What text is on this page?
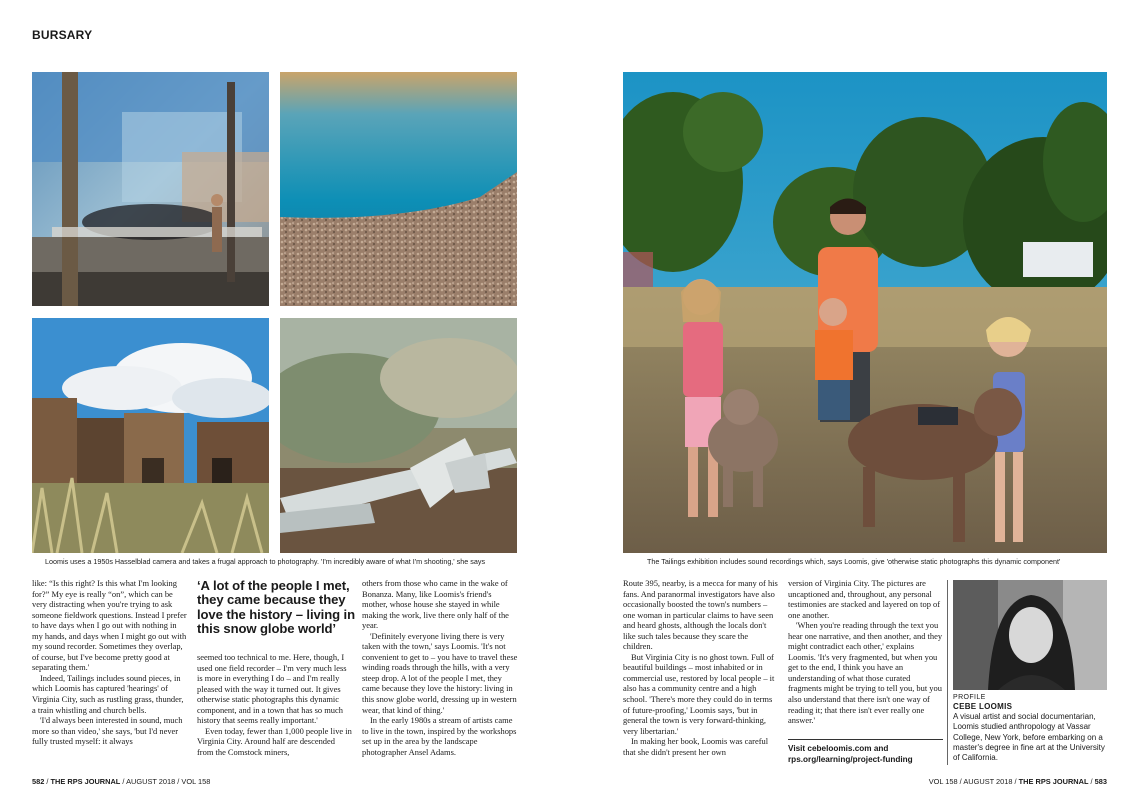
BURSARY
Loomis uses a 1950s Hasselblad camera and takes a frugal approach to photography. 'I'm incredibly aware of what I'm shooting,' she says

like: “Is this right? Is this what I'm looking for?” My eye is really “on”, which can be very distracting when you're trying to ask someone fieldwork questions. Instead I prefer to have days when I go out with nothing in my hands, and days when I might go out with my sound recorder. Sometimes they overlap, of course, but I've become pretty good at separating them.'

Indeed, Tailings includes sound pieces, in which Loomis has captured 'hearings' of Virginia City, such as rustling grass, thunder, a train whistling and church bells.

'I'd always been interested in sound, much more so than video,' she says, 'but I'd never fully trusted myself: it always

‘A lot of the people I met, they came because they love the history – living in this snow globe world’

seemed too technical to me. Here, though, I used one field recorder – I'm very much less is more in everything I do – and I'm really pleased with the way it turned out. It gives otherwise static photographs this dynamic component, and in a town that has so much history that seems really important.'

Even today, fewer than 1,000 people live in Virginia City. Around half are descended from the Comstock miners,

others from those who came in the wake of Bonanza. Many, like Loomis's friend's mother, whose house she stayed in while making the work, live there only half of the year.

'Definitely everyone living there is very taken with the town,' says Loomis. 'It's not convenient to get to – you have to travel these winding roads through the hills, with a very steep drop. A lot of the people I met, they came because they love the history: living in this snow globe world, dressing up in western wear, that kind of thing.'

In the early 1980s a stream of artists came to live in the town, inspired by the workshops set up in the area by the landscape photographer Ansel Adams.

582 / THE RPS JOURNAL / AUGUST 2018 / VOL 158
The Tailings exhibition includes sound recordings which, says Loomis, give 'otherwise static photographs this dynamic component'

Route 395, nearby, is a mecca for many of his fans. And paranormal investigators have also occasionally boosted the town's numbers – one woman in particular claims to have seen and heard ghosts, although the locals don't like such tales because they scare the children.

But Virginia City is no ghost town. Full of beautiful buildings – most inhabited or in commercial use, restored by local people – it also has a community centre and a high school. 'There's more they could do in terms of future-proofing,' Loomis says, 'but in general the town is very forward-thinking, very libertarian.'

In making her book, Loomis was careful that she didn't present her own

version of Virginia City. The pictures are uncaptioned and, throughout, any personal testimonies are stacked and layered on top of one another.

'When you're reading through the text you hear one narrative, and then another, and they might contradict each other,' explains Loomis. 'It's very fragmented, but when you get to the end, I think you have an understanding of what those curated fragments might be trying to tell you, but you also understand that there isn't one way of reading it; that there isn't ever really one answer.'

Visit cebeloomis.com and
rps.org/learning/project-funding
PROFILE
CEBE LOOMIS
A visual artist and social documentarian, Loomis studied anthropology at Vassar College, New York, before embarking on a master's degree in fine art at the University of California.
VOL 158 / AUGUST 2018 / THE RPS JOURNAL / 583
